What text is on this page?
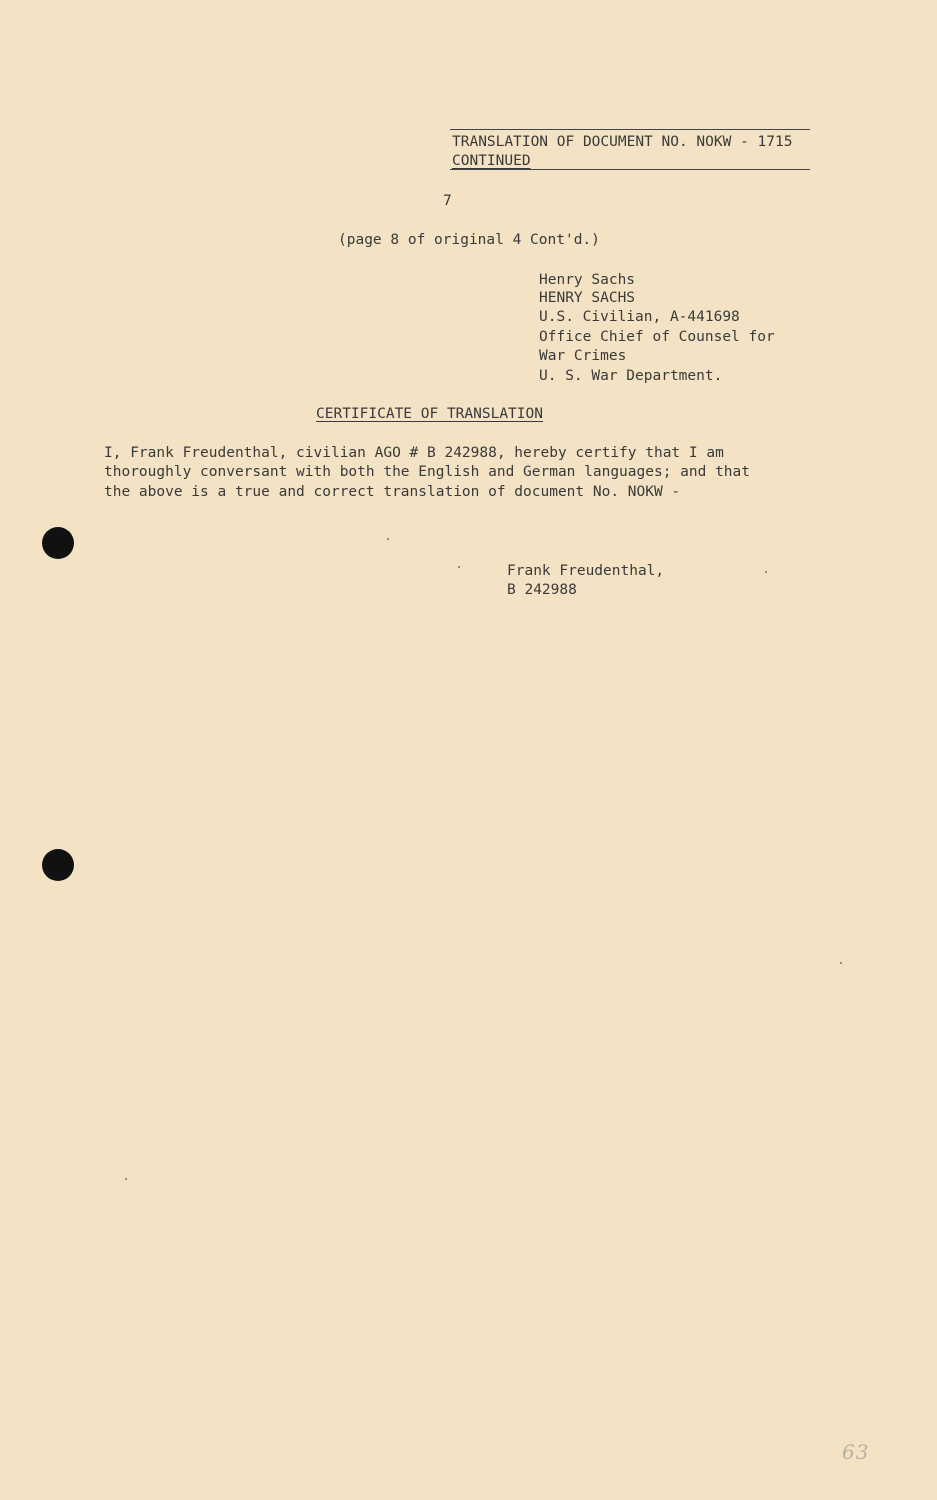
TRANSLATION OF DOCUMENT NO. NOKW - 1715
CONTINUED
7
(page 8 of original 4 Cont'd.)
Henry Sachs
HENRY SACHS
U.S. Civilian, A-441698
Office Chief of Counsel for
War Crimes
U. S. War Department.
CERTIFICATE OF TRANSLATION
I, Frank Freudenthal, civilian AGO # B 242988, hereby certify that I am
thoroughly conversant with both the English and German languages; and that
the above is a true and correct translation of document No. NOKW -
Frank Freudenthal,
B 242988
63
